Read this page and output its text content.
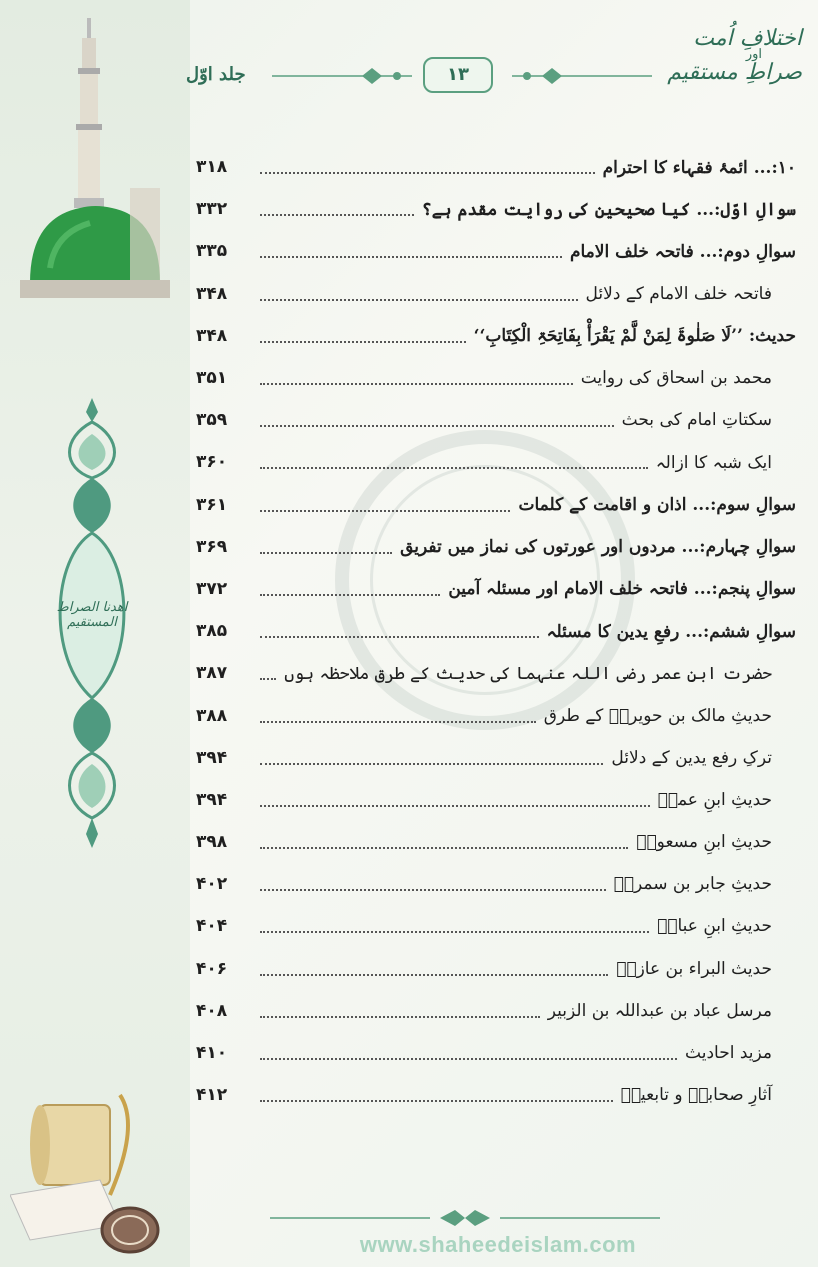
اهدنا الصراط المستقيم
اختلافِ اُمت
اور
صراطِ مستقیم
جلد اوّل	۱۳
۱۰:... ائمۂ فقہاء کا احترام
۳۱۸
سوالِ اوّل:... کیا صحیحین کی روایت مقدم ہے؟
۳۳۲
سوالِ دوم:... فاتحہ خلف الامام
۳۳۵
فاتحہ خلف الامام کے دلائل
۳۴۸
حدیث: ’’لَا صَلٰوۃَ لِمَنْ لَّمْ یَقْرَأْ بِفَاتِحَۃِ الْکِتَابِ‘‘
۳۴۸
محمد بن اسحاق کی روایت
۳۵۱
سکتاتِ امام کی بحث
۳۵۹
ایک شبہ کا ازالہ
۳۶۰
سوالِ سوم:... اذان و اقامت کے کلمات
۳۶۱
سوالِ چہارم:... مردوں اور عورتوں کی نماز میں تفریق
۳۶۹
سوالِ پنجم:... فاتحہ خلف الامام اور مسئلہ آمین
۳۷۲
سوالِ ششم:... رفعِ یدین کا مسئلہ
۳۸۵
حضرت ابنِ عمر رضی اللہ عنہما کی حدیث کے طرق ملاحظہ ہوں
۳۸۷
حدیثِ مالک بن حویرثؓ کے طرق
۳۸۸
ترکِ رفع یدین کے دلائل
۳۹۴
حدیثِ ابنِ عمرؓ
۳۹۴
حدیثِ ابنِ مسعودؓ
۳۹۸
حدیثِ جابر بن سمرۃؓ
۴۰۲
حدیثِ ابنِ عباسؓ
۴۰۴
حدیث البراء بن عازبؓ
۴۰۶
مرسل عباد بن عبداللہ بن الزبیر
۴۰۸
مزید احادیث
۴۱۰
آثارِ صحابہؓ و تابعینؒ
۴۱۲
www.shaheedeislam.com
